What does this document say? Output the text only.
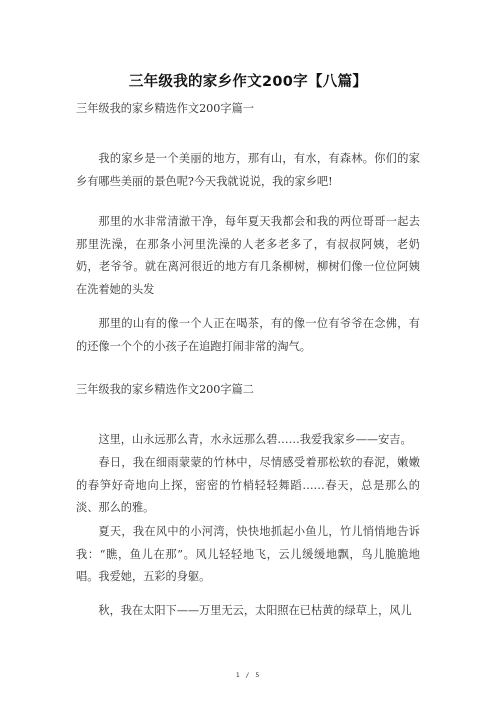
三年级我的家乡作文200字【八篇】
三年级我的家乡精选作文200字篇一

我的家乡是一个美丽的地方，那有山，有水，有森林。你们的家乡有哪些美丽的景色呢?今天我就说说，我的家乡吧!

那里的水非常清澈干净，每年夏天我都会和我的两位哥哥一起去那里洗澡，在那条小河里洗澡的人老多老多了，有叔叔阿姨，老奶奶，老爷爷。就在离河很近的地方有几条柳树，柳树们像一位位阿姨在洗着她的头发

那里的山有的像一个人正在喝茶，有的像一位有爷爷在念佛，有的还像一个个的小孩子在追跑打闹非常的淘气。

三年级我的家乡精选作文200字篇二

这里，山永远那么青，水永远那么碧……我爱我家乡——安吉。

春日，我在细雨蒙蒙的竹林中，尽情感受着那松软的春泥，嫩嫩的春笋好奇地向上探，密密的竹梢轻轻舞蹈……春天，总是那么的淡、那么的雅。

夏天，我在风中的小河湾，快快地抓起小鱼儿，竹儿悄悄地告诉我：“瞧，鱼儿在那”。风儿轻轻地飞，云儿缓缓地飘，鸟儿脆脆地唱。我爱她，五彩的身躯。

秋，我在太阳下——万里无云，太阳照在已枯黄的绿草上，风儿

1 / 5
